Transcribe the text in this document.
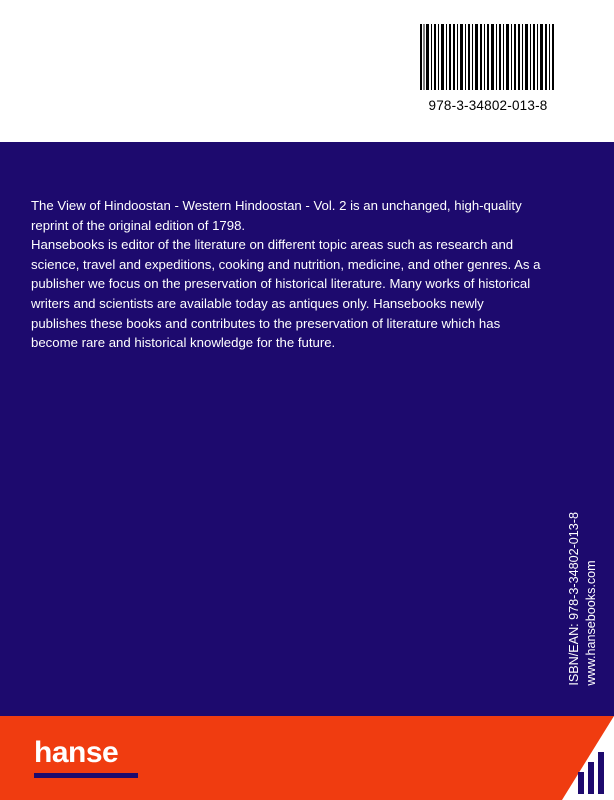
978-3-34802-013-8

The View of Hindoostan - Western Hindoostan - Vol. 2 is an unchanged, high-quality reprint of the original edition of 1798.

Hansebooks is editor of the literature on different topic areas such as research and science, travel and expeditions, cooking and nutrition, medicine, and other genres. As a publisher we focus on the preservation of historical literature. Many works of historical writers and scientists are available today as antiques only. Hansebooks newly publishes these books and contributes to the preservation of literature which has become rare and historical knowledge for the future.

ISBN/EAN: 978-3-34802-013-8 www.hansebooks.com
hanse
